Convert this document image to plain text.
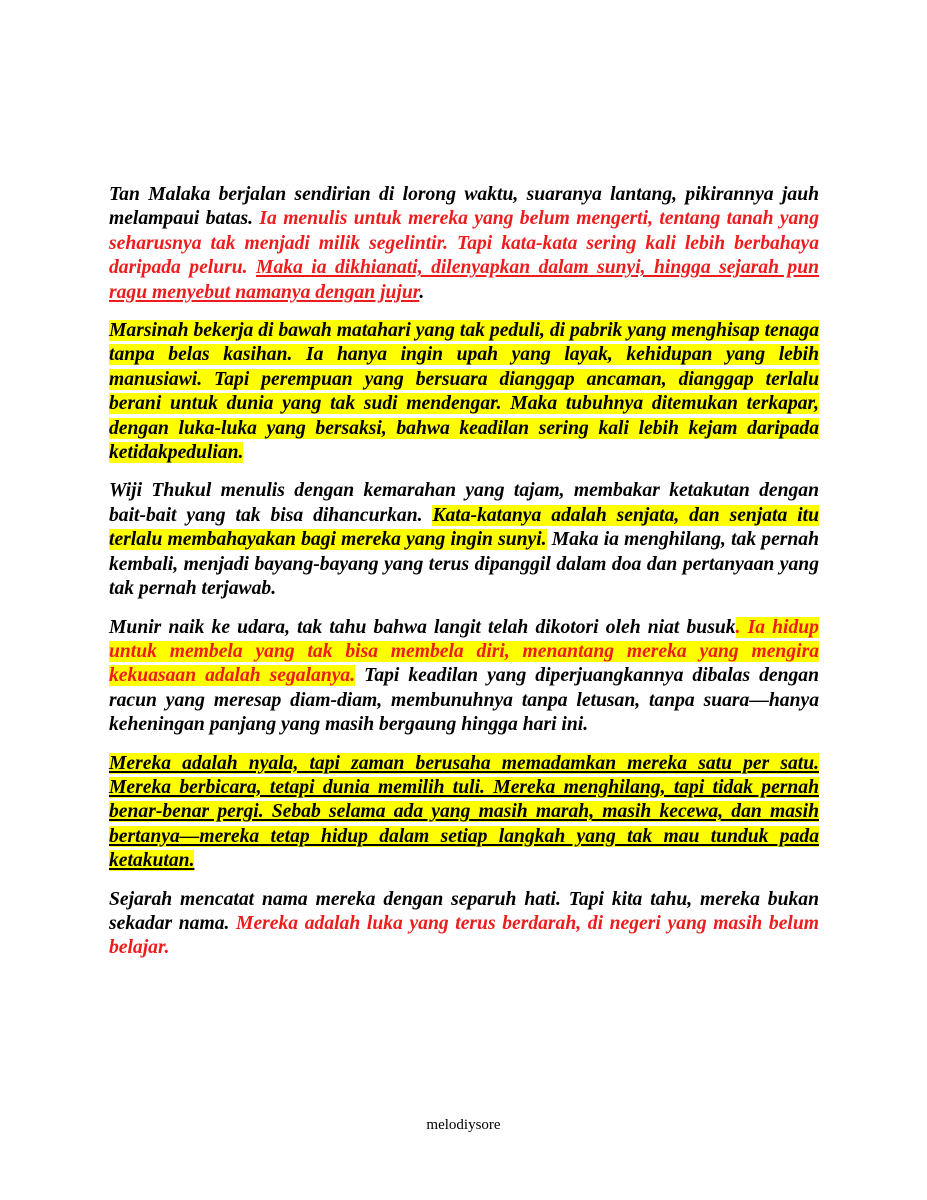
Tan Malaka berjalan sendirian di lorong waktu, suaranya lantang, pikirannya jauh melampaui batas. Ia menulis untuk mereka yang belum mengerti, tentang tanah yang seharusnya tak menjadi milik segelintir. Tapi kata-kata sering kali lebih berbahaya daripada peluru. Maka ia dikhianati, dilenyapkan dalam sunyi, hingga sejarah pun ragu menyebut namanya dengan jujur.

Marsinah bekerja di bawah matahari yang tak peduli, di pabrik yang menghisap tenaga tanpa belas kasihan. Ia hanya ingin upah yang layak, kehidupan yang lebih manusiawi. Tapi perempuan yang bersuara dianggap ancaman, dianggap terlalu berani untuk dunia yang tak sudi mendengar. Maka tubuhnya ditemukan terkapar, dengan luka-luka yang bersaksi, bahwa keadilan sering kali lebih kejam daripada ketidakpedulian.

Wiji Thukul menulis dengan kemarahan yang tajam, membakar ketakutan dengan bait-bait yang tak bisa dihancurkan. Kata-katanya adalah senjata, dan senjata itu terlalu membahayakan bagi mereka yang ingin sunyi. Maka ia menghilang, tak pernah kembali, menjadi bayang-bayang yang terus dipanggil dalam doa dan pertanyaan yang tak pernah terjawab.

Munir naik ke udara, tak tahu bahwa langit telah dikotori oleh niat busuk. Ia hidup untuk membela yang tak bisa membela diri, menantang mereka yang mengira kekuasaan adalah segalanya. Tapi keadilan yang diperjuangkannya dibalas dengan racun yang meresap diam-diam, membunuhnya tanpa letusan, tanpa suara—hanya keheningan panjang yang masih bergaung hingga hari ini.

Mereka adalah nyala, tapi zaman berusaha memadamkan mereka satu per satu. Mereka berbicara, tetapi dunia memilih tuli. Mereka menghilang, tapi tidak pernah benar-benar pergi. Sebab selama ada yang masih marah, masih kecewa, dan masih bertanya—mereka tetap hidup dalam setiap langkah yang tak mau tunduk pada ketakutan.

Sejarah mencatat nama mereka dengan separuh hati. Tapi kita tahu, mereka bukan sekadar nama. Mereka adalah luka yang terus berdarah, di negeri yang masih belum belajar.

melodiysore
